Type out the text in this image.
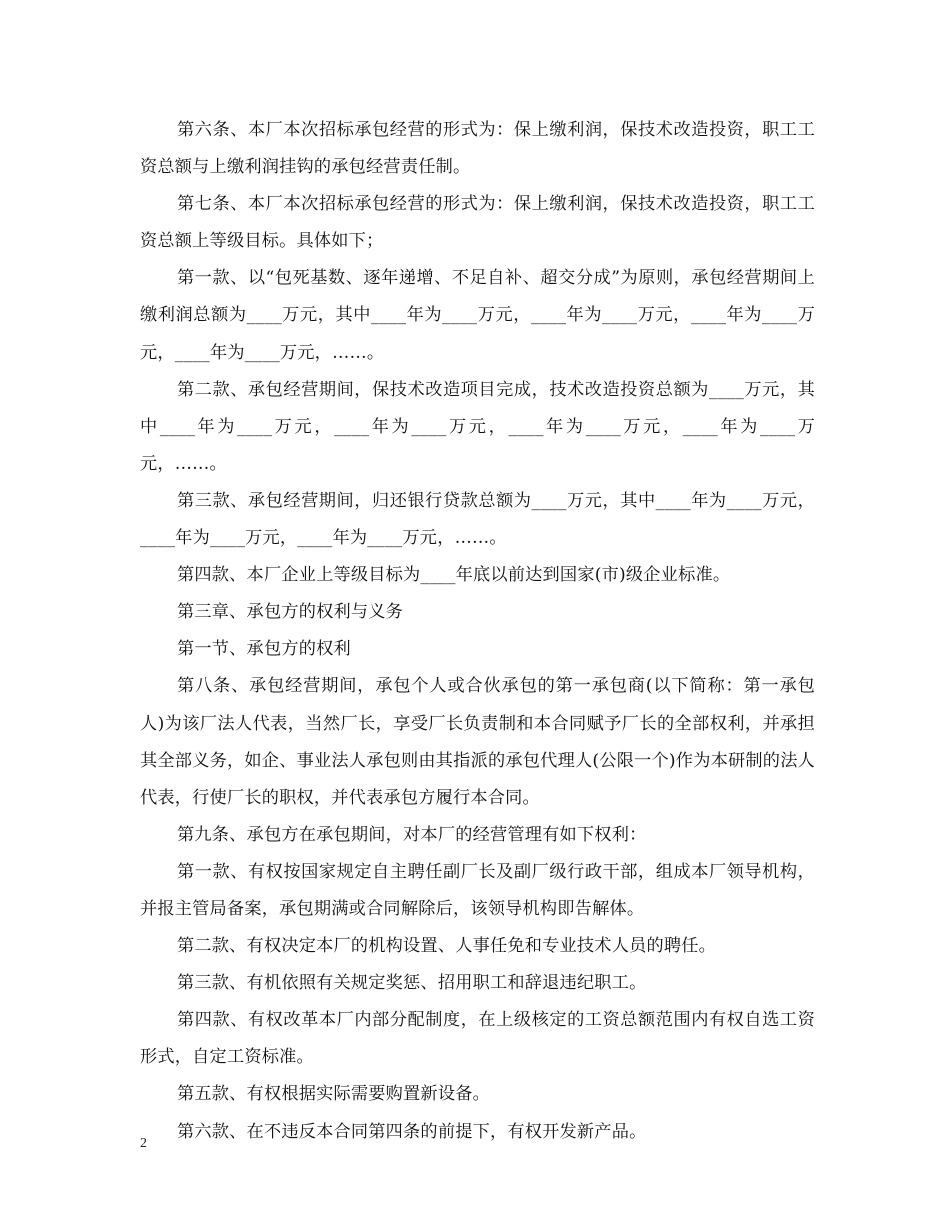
第六条、本厂本次招标承包经营的形式为：保上缴利润，保技术改造投资，职工工资总额与上缴利润挂钩的承包经营责任制。

第七条、本厂本次招标承包经营的形式为：保上缴利润，保技术改造投资，职工工资总额上等级目标。具体如下；

第一款、以“包死基数、逐年递增、不足自补、超交分成”为原则，承包经营期间上缴利润总额为____万元，其中____年为____万元，____年为____万元，____年为____万元，____年为____万元，……。

第二款、承包经营期间，保技术改造项目完成，技术改造投资总额为____万元，其中____年为____万元，____年为____万元，____年为____万元，____年为____万元，……。

第三款、承包经营期间，归还银行贷款总额为____万元，其中____年为____万元，____年为____万元，____年为____万元，……。

第四款、本厂企业上等级目标为____年底以前达到国家(市)级企业标准。

第三章、承包方的权利与义务

第一节、承包方的权利

第八条、承包经营期间，承包个人或合伙承包的第一承包商(以下简称：第一承包人)为该厂法人代表，当然厂长，享受厂长负责制和本合同赋予厂长的全部权利，并承担其全部义务，如企、事业法人承包则由其指派的承包代理人(公限一个)作为本研制的法人代表，行使厂长的职权，并代表承包方履行本合同。

第九条、承包方在承包期间，对本厂的经营管理有如下权利：

第一款、有权按国家规定自主聘任副厂长及副厂级行政干部，组成本厂领导机构，并报主管局备案，承包期满或合同解除后，该领导机构即告解体。

第二款、有权决定本厂的机构设置、人事任免和专业技术人员的聘任。

第三款、有机依照有关规定奖惩、招用职工和辞退违纪职工。

第四款、有权改革本厂内部分配制度，在上级核定的工资总额范围内有权自选工资形式，自定工资标准。

第五款、有权根据实际需要购置新设备。

第六款、在不违反本合同第四条的前提下，有权开发新产品。

2
